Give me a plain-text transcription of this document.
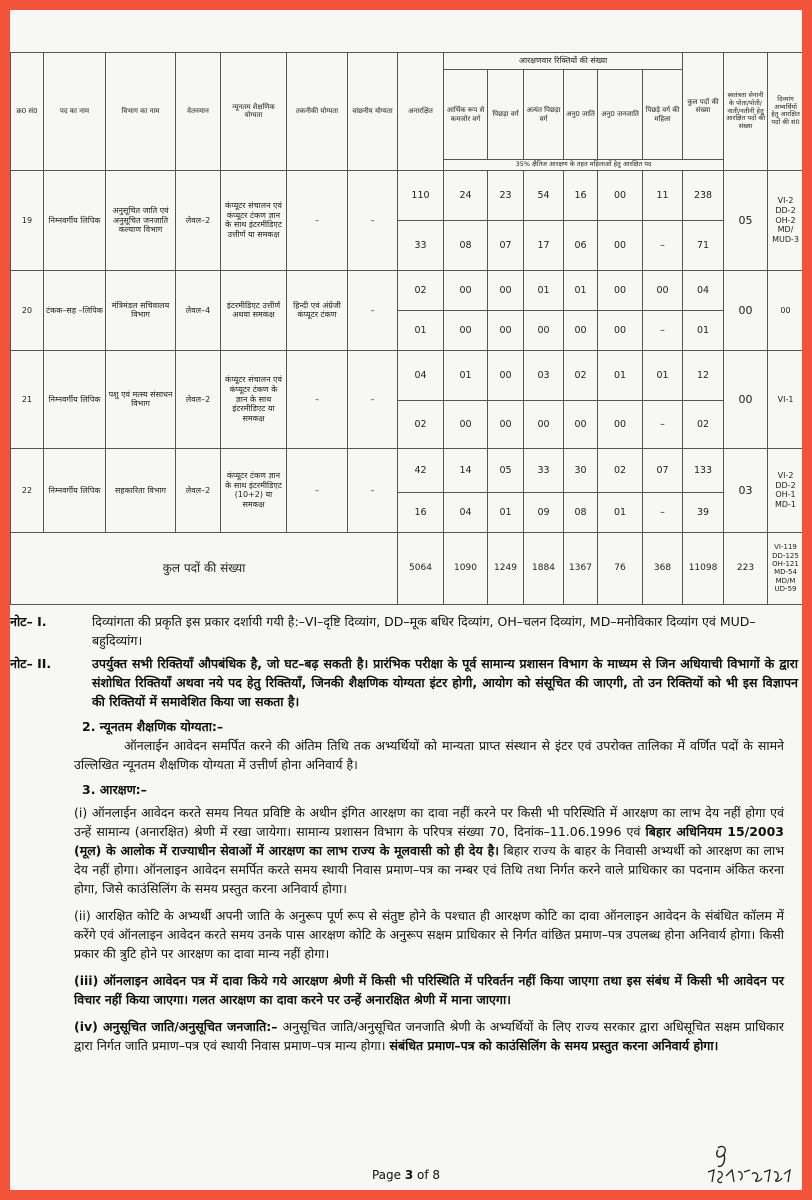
क्र0 सं0	पद का नाम	विभाग का नाम	वेतनमान	न्यूनतम शैक्षणिक योग्यता	तकनीकी योग्यता	वांछनीय योग्यता	अनारक्षित	आरक्षणवार रिक्तियों की संख्या						कुल पदों की संख्या	स्वतंत्रता सेनानी के पोता/पोती/नाती/नतीनी हेतु आरक्षित पदों की संख्या	दिव्यांग अभ्यर्थियों हेतु आरक्षित पदों की सं0
								आर्थिक रूप से कमजोर वर्ग	पिछड़ा वर्ग	अत्यंत पिछड़ा वर्ग	अनु0 जाति	अनु0 जनजाति	पिछड़े वर्ग की महिला			
								35% क्षैतिज आरक्षण के तहत महिलाओं हेतु आरक्षित पद								
19	निम्नवर्गीय लिपिक	अनुसूचित जाति एवं अनुसूचित जनजाति कल्याण विभाग	लेवल–2	कंप्यूटर संचालन एवं कंप्यूटर टंकण ज्ञान के साथ इंटरमीडिएट उत्तीर्ण या समकक्ष	–	–	110	24	23	54	16	00	11	238	05	VI-2 DD-2 OH-2 MD/ MUD-3
							33	08	07	17	06	00	–	71		
20	टंकक–सह –लिपिक	मंत्रिमंडल सचिवालय विभाग	लेवल–4	इंटरमीडिएट उत्तीर्ण अथवा समकक्ष	हिन्दी एवं अंग्रेजी कंप्यूटर टंकण	–	02	00	00	01	01	00	00	04	00	00
							01	00	00	00	00	00	–	01		
21	निम्नवर्गीय लिपिक	पशु एवं मत्स्य संसाधन विभाग	लेवल–2	कंप्यूटर संचालन एवं कंप्यूटर टंकण के ज्ञान के साथ इंटरमीडिएट या समकक्ष	–	–	04	01	00	03	02	01	01	12	00	VI-1
							02	00	00	00	00	00	–	02		
22	निम्नवर्गीय लिपिक	सहकारिता विभाग	लेवल–2	कंप्यूटर टंकण ज्ञान के साथ इंटरमीडिएट (10+2) या समकक्ष	–	–	42	14	05	33	30	02	07	133	03	VI-2 DD-2 OH-1 MD-1
							16	04	01	09	08	01	–	39		
कुल पदों की संख्या							5064	1090	1249	1884	1367	76	368	11098	223	VI-119 DD-125 OH-121 MD-54 MD/M UD-59
नोट– I.	दिव्यांगता की प्रकृति इस प्रकार दर्शायी गयी है:–VI–दृष्टि दिव्यांग, DD–मूक बधिर दिव्यांग, OH–चलन दिव्यांग, MD–मनोविकार दिव्यांग एवं MUD–बहुदिव्यांग।
नोट– II.	उपर्युक्त सभी रिक्तियाँ औपबंधिक है, जो घट–बढ़ सकती है। प्रारंभिक परीक्षा के पूर्व सामान्य प्रशासन विभाग के माध्यम से जिन अधियाची विभागों के द्वारा संशोधित रिक्तियाँ अथवा नये पद हेतु रिक्तियाँ, जिनकी शैक्षणिक योग्यता इंटर होगी, आयोग को संसूचित की जाएगी, तो उन रिक्तियों को भी इस विज्ञापन की रिक्तियों में समावेशित किया जा सकता है।
2. न्यूनतम शैक्षणिक योग्यता:–
ऑनलाईन आवेदन समर्पित करने की अंतिम तिथि तक अभ्यर्थियों को मान्यता प्राप्त संस्थान से इंटर एवं उपरोक्त तालिका में वर्णित पदों के सामने उल्लिखित न्यूनतम शैक्षणिक योग्यता में उत्तीर्ण होना अनिवार्य है।
3. आरक्षण:–
(i) ऑनलाईन आवेदन करते समय नियत प्रविष्टि के अधीन इंगित आरक्षण का दावा नहीं करने पर किसी भी परिस्थिति में आरक्षण का लाभ देय नहीं होगा एवं उन्हें सामान्य (अनारक्षित) श्रेणी में रखा जायेगा। सामान्य प्रशासन विभाग के परिपत्र संख्या 70, दिनांक–11.06.1996 एवं बिहार अधिनियम 15/2003 (मूल) के आलोक में राज्याधीन सेवाओं में आरक्षण का लाभ राज्य के मूलवासी को ही देय है। बिहार राज्य के बाहर के निवासी अभ्यर्थी को आरक्षण का लाभ देय नहीं होगा। ऑनलाइन आवेदन समर्पित करते समय स्थायी निवास प्रमाण–पत्र का नम्बर एवं तिथि तथा निर्गत करने वाले प्राधिकार का पदनाम अंकित करना होगा, जिसे काउंसिलिंग के समय प्रस्तुत करना अनिवार्य होगा।
(ii) आरक्षित कोटि के अभ्यर्थी अपनी जाति के अनुरूप पूर्ण रूप से संतुष्ट होने के पश्चात ही आरक्षण कोटि का दावा ऑनलाइन आवेदन के संबंधित कॉलम में करेंगे एवं ऑनलाइन आवेदन करते समय उनके पास आरक्षण कोटि के अनुरूप सक्षम प्राधिकार से निर्गत वांछित प्रमाण–पत्र उपलब्ध होना अनिवार्य होगा। किसी प्रकार की त्रुटि होने पर आरक्षण का दावा मान्य नहीं होगा।
(iii) ऑनलाइन आवेदन पत्र में दावा किये गये आरक्षण श्रेणी में किसी भी परिस्थिति में परिवर्तन नहीं किया जाएगा तथा इस संबंध में किसी भी आवेदन पर विचार नहीं किया जाएगा। गलत आरक्षण का दावा करने पर उन्हें अनारक्षित श्रेणी में माना जाएगा।
(iv) अनुसूचित जाति/अनुसूचित जनजाति:– अनुसूचित जाति/अनुसूचित जनजाति श्रेणी के अभ्यर्थियों के लिए राज्य सरकार द्वारा अधिसूचित सक्षम प्राधिकार द्वारा निर्गत जाति प्रमाण–पत्र एवं स्थायी निवास प्रमाण–पत्र मान्य होगा। संबंधित प्रमाण–पत्र को काउंसिलिंग के समय प्रस्तुत करना अनिवार्य होगा।
Page 3 of 8
